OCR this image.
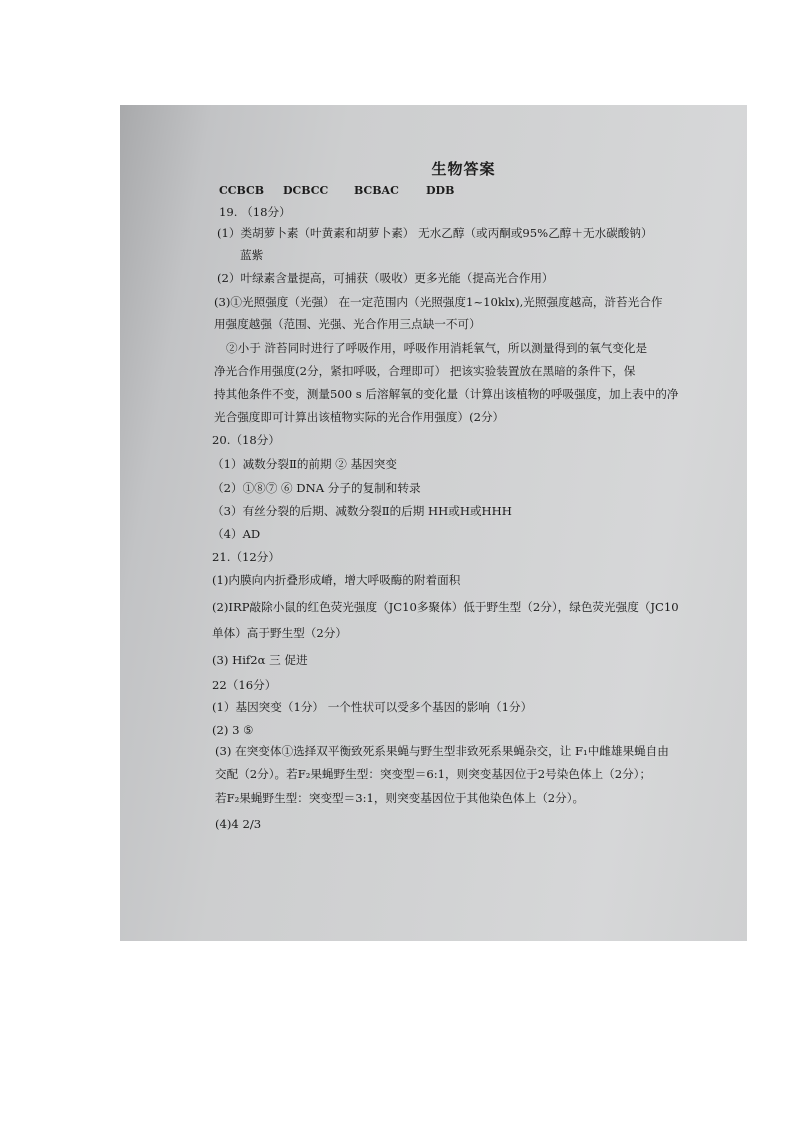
生物答案
CCBCB DCBCC BCBAC DDB
19. （18分）
(1）类胡萝卜素（叶黄素和胡萝卜素） 无水乙醇（或丙酮或95%乙醇＋无水碳酸钠）
蓝紫
(2）叶绿素含量提高，可捕获（吸收）更多光能（提高光合作用）
(3)①光照强度（光强） 在一定范围内（光照强度1~10klx),光照强度越高，浒苔光合作
用强度越强（范围、光强、光合作用三点缺一不可）
②小于 浒苔同时进行了呼吸作用，呼吸作用消耗氧气，所以测量得到的氧气变化是
净光合作用强度(2分，紧扣呼吸，合理即可） 把该实验装置放在黑暗的条件下，保
持其他条件不变，测量500 s 后溶解氧的变化量（计算出该植物的呼吸强度，加上表中的净
光合强度即可计算出该植物实际的光合作用强度）(2分）
20.（18分）
（1）减数分裂Ⅱ的前期 ② 基因突变
（2）①⑧⑦ ⑥ DNA 分子的复制和转录
（3）有丝分裂的后期、减数分裂Ⅱ的后期 HH或H或HHH
（4）AD
21.（12分）
(1)内膜向内折叠形成嵴，增大呼吸酶的附着面积
(2)IRP敲除小鼠的红色荧光强度（JC10多聚体）低于野生型（2分），绿色荧光强度（JC10
单体）高于野生型（2分）
(3) Hif2α 三 促进
22（16分）
(1）基因突变（1分） 一个性状可以受多个基因的影响（1分）
(2) 3 ⑤
(3) 在突变体①选择双平衡致死系果蝇与野生型非致死系果蝇杂交，让 F₁中雌雄果蝇自由
交配（2分）。若F₂果蝇野生型：突变型＝6:1，则突变基因位于2号染色体上（2分）；
若F₂果蝇野生型：突变型＝3:1，则突变基因位于其他染色体上（2分）。
(4)4 2/3
